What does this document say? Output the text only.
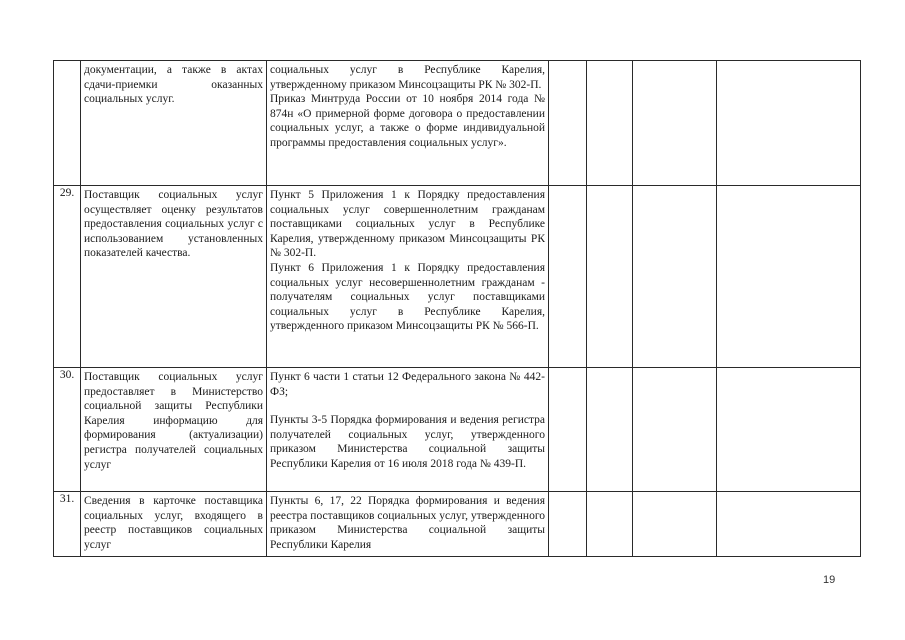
	документации, а также в актах сдачи-приемки оказанных социальных услуг.	социальных услуг в Республике Карелия, утвержденному приказом Минсоцзащиты РК № 302-П.

Приказ Минтруда России от 10 ноября 2014 года № 874н «О примерной форме договора о предоставлении социальных услуг, а также о форме индивидуальной программы предоставления социальных услуг».				

29.	Поставщик социальных услуг осуществляет оценку результатов предоставления социальных услуг с использованием установленных показателей качества.	Пункт 5 Приложения 1 к Порядку предоставления социальных услуг совершеннолетним гражданам поставщиками социальных услуг в Республике Карелия, утвержденному приказом Минсоцзащиты РК № 302-П.

Пункт 6 Приложения 1 к Порядку предоставления социальных услуг несовершеннолетним гражданам - получателям социальных услуг поставщиками социальных услуг в Республике Карелия, утвержденного приказом Минсоцзащиты РК № 566-П.				

30.	Поставщик социальных услуг предоставляет в Министерство социальной защиты Республики Карелия информацию для формирования (актуализации) регистра получателей социальных услуг	Пункт 6 части 1 статьи 12 Федерального закона № 442-ФЗ;

Пункты 3-5 Порядка формирования и ведения регистра получателей социальных услуг, утвержденного приказом Министерства социальной защиты Республики Карелия от 16 июля 2018 года № 439-П.				

31.	Сведения в карточке поставщика социальных услуг, входящего в реестр поставщиков социальных услуг	Пункты 6, 17, 22 Порядка формирования и ведения реестра поставщиков социальных услуг, утвержденного приказом Министерства социальной защиты Республики Карелия				

19
